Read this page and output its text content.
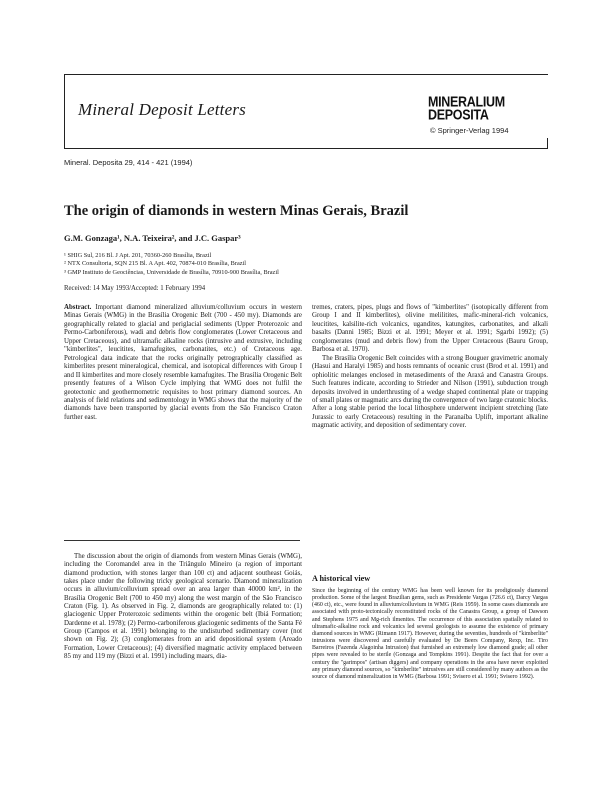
Mineral Deposit Letters	MINERALIUM
DEPOSITA
© Springer-Verlag 1994
Mineral. Deposita 29, 414 - 421 (1994)
The origin of diamonds in western Minas Gerais, Brazil
G.M. Gonzaga¹, N.A. Teixeira², and J.C. Gaspar³
¹ SHIG Sul, 216 Bl. J Apt. 201, 70360-260 Brasília, Brazil
² NTX Consultoria, SQN 215 Bl. A Apt. 402, 70874-010 Brasília, Brazil
³ GMP Instituto de Geociências, Universidade de Brasília, 70910-900 Brasília, Brazil
Received: 14 May 1993/Accepted: 1 February 1994

Abstract. Important diamond mineralized alluvium/colluvium occurs in western Minas Gerais (WMG) in the Brasília Orogenic Belt (700 - 450 my). Diamonds are geographically related to glacial and periglacial sediments (Upper Proterozoic and Permo-Carboniferous), wadi and debris flow conglomerates (Lower Cretaceous and Upper Cretaceous), and ultramafic alkaline rocks (intrusive and extrusive, including "kimberlites", leucitites, kamafugites, carbonatites, etc.) of Cretaceous age. Petrological data indicate that the rocks originally petrographically classified as kimberlites present mineralogical, chemical, and isotopical differences with Group I and II kimberlites and more closely resemble kamafugites. The Brasília Orogenic Belt presently features of a Wilson Cycle implying that WMG does not fulfil the geotectonic and geothermometric requisites to host primary diamond sources. An analysis of field relations and sedimentology in WMG shows that the majority of the diamonds have been transported by glacial events from the São Francisco Craton further east.

tremes, craters, pipes, plugs and flows of "kimberlites" (isotopically different from Group I and II kimberlites), olivine melilitites, mafic-mineral-rich volcanics, leucitites, kalsilite-rich volcanics, ugandites, katungites, carbonatites, and alkali basalts (Danni 1985; Bizzi et al. 1991; Meyer et al. 1991; Sgarbi 1992); (5) conglomerates (mud and debris flow) from the Upper Cretaceous (Bauru Group, Barbosa et al. 1970).

The Brasília Orogenic Belt coincides with a strong Bouguer gravimetric anomaly (Hasui and Haralyi 1985) and hosts remnants of oceanic crust (Brod et al. 1991) and ophiolitic melanges enclosed in metasediments of the Araxá and Canastra Groups. Such features indicate, according to Strieder and Nilson (1991), subduction trough deposits involved in underthrusting of a wedge shaped continental plate or trapping of small plates or magmatic arcs during the convergence of two large cratonic blocks. After a long stable period the local lithosphere underwent incipient stretching (late Jurassic to early Cretaceous) resulting in the Paranaíba Uplift, important alkaline magmatic activity, and deposition of sedimentary cover.

The discussion about the origin of diamonds from western Minas Gerais (WMG), including the Coromandel area in the Triângulo Mineiro (a region of important diamond production, with stones larger than 100 ct) and adjacent southeast Goiás, takes place under the following tricky geological scenario. Diamond mineralization occurs in alluvium/colluvium spread over an area larger than 40000 km², in the Brasília Orogenic Belt (700 to 450 my) along the west margin of the São Francisco Craton (Fig. 1). As observed in Fig. 2, diamonds are geographically related to: (1) glaciogenic Upper Proterozoic sediments within the orogenic belt (Ibiá Formation; Dardenne et al. 1978); (2) Permo-carboniferous glaciogenic sediments of the Santa Fé Group (Campos et al. 1991) belonging to the undisturbed sedimentary cover (not shown on Fig. 2); (3) conglomerates from an arid depositional system (Areado Formation, Lower Cretaceous); (4) diversified magmatic activity emplaced between 85 my and 119 my (Bizzi et al. 1991) including maars, dia-

A historical view

Since the beginning of the century WMG has been well known for its prodigiously diamond production. Some of the largest Brazilian gems, such as Presidente Vargas (726.6 ct), Darcy Vargas (460 ct), etc., were found in alluvium/colluvium in WMG (Reis 1959). In some cases diamonds are associated with proto-tectonically reconstituted rocks of the Canastra Group, a group of Dawson and Stephens 1975 and Mg-rich ilmenites. The occurrence of this association spatially related to ultramafic-alkaline rock and volcanics led several geologists to assume the existence of primary diamond sources in WMG (Rimann 1917). However, during the seventies, hundreds of "kimberlite" intrusions were discovered and carefully evaluated by De Beers Company, Rexp, Inc. Tiro Barreiros (Fazenda Alagoinha Intrusion) that furnished an extremely low diamond grade; all other pipes were revealed to be sterile (Gonzaga and Tompkins 1991). Despite the fact that for over a century the "garimpos" (artisan diggers) and company operations in the area have never exploited any primary diamond sources, so "kimberlite" intrusives are still considered by many authors as the source of diamond mineralization in WMG (Barbosa 1991; Svisero et al. 1991; Svisero 1992).
